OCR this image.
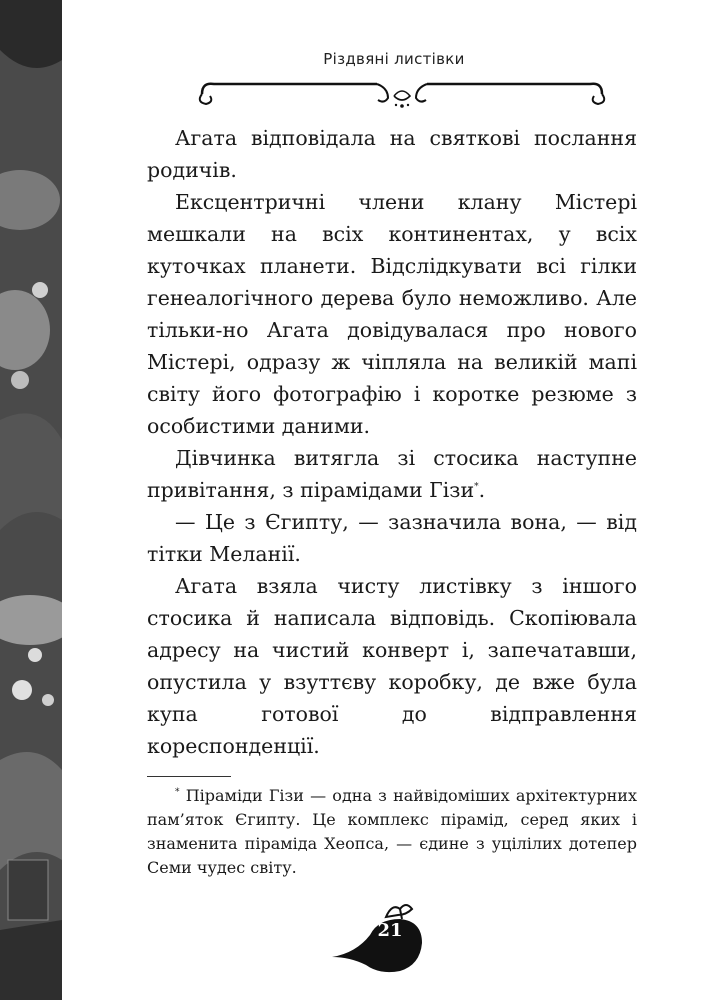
Різдвяні листівки

Агата відповідала на святкові послання родичів.

Ексцентричні члени клану Містері мешкали на всіх континентах, у всіх куточках планети. Відслідкувати всі гілки генеалогічного дерева було неможливо. Але тільки-но Агата довідувалася про нового Містері, одразу ж чіпляла на великій мапі світу його фотографію і коротке резюме з особистими даними.

Дівчинка витягла зі стосика наступне привітання, з пірамідами Гізи*.

— Це з Єгипту, — зазначила вона, — від тітки Меланії.

Агата взяла чисту листівку з іншого стосика й написала відповідь. Скопіювала адресу на чистий конверт і, запечатавши, опустила у взуттєву коробку, де вже була купа готової до відправлення кореспонденції.

* Піраміди Гізи — одна з найвідоміших архітектурних пам’яток Єгипту. Це комплекс пірамід, серед яких і знаменита піраміда Хеопса, — єдине з уцілілих дотепер Семи чудес світу.

21
